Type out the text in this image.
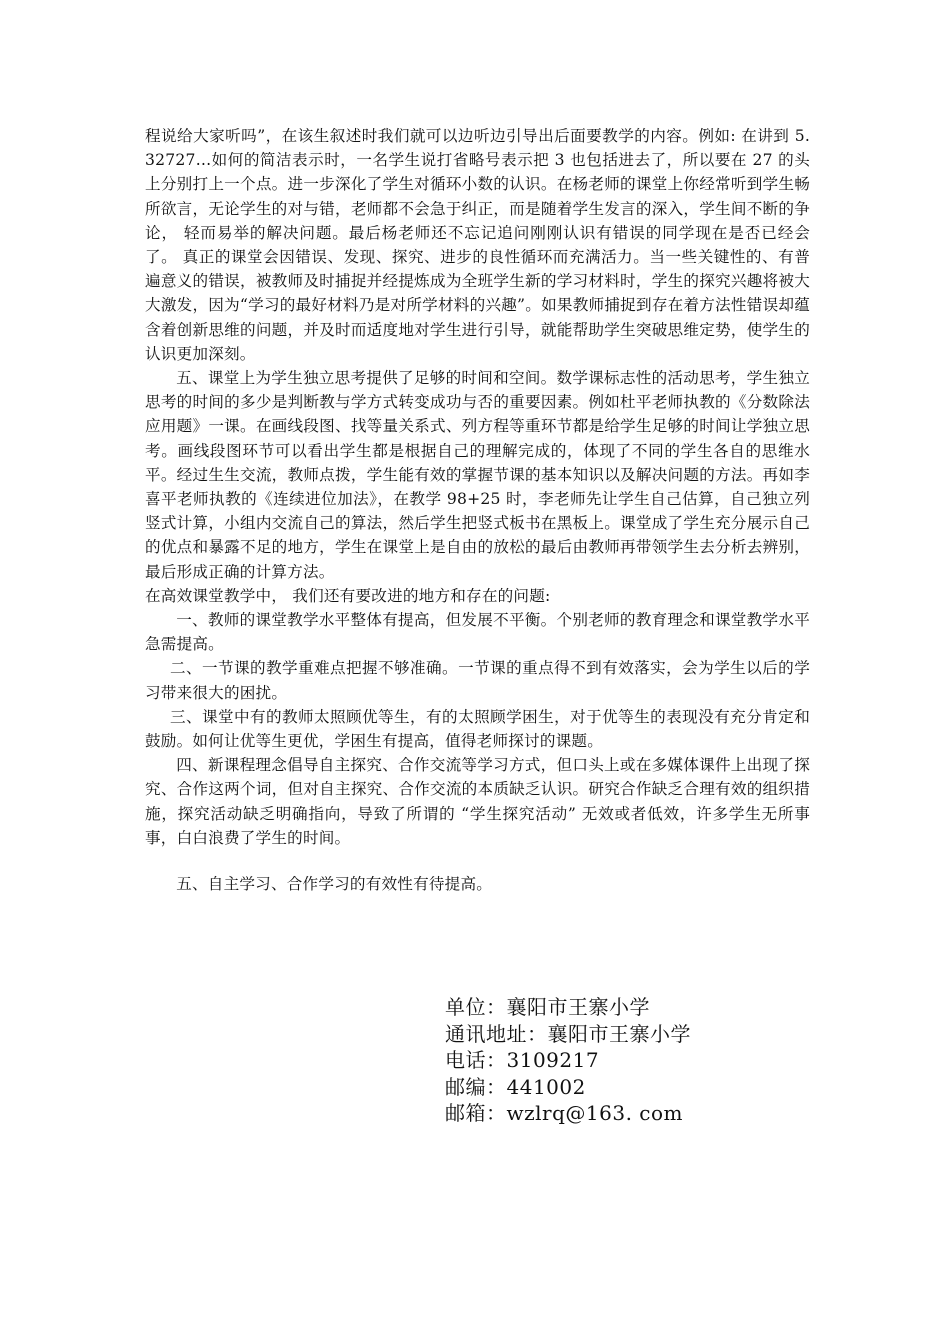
程说给大家听吗”，在该生叙述时我们就可以边听边引导出后面要教学的内容。例如: 在讲到 5. 32727…如何的简洁表示时，一名学生说打省略号表示把 3 也包括进去了，所以要在 27 的头上分别打上一个点。进一步深化了学生对循环小数的认识。在杨老师的课堂上你经常听到学生畅所欲言，无论学生的对与错，老师都不会急于纠正，而是随着学生发言的深入，学生间不断的争论， 轻而易举的解决问题。最后杨老师还不忘记追问刚刚认识有错误的同学现在是否已经会了。 真正的课堂会因错误、发现、探究、进步的良性循环而充满活力。当一些关键性的、有普遍意义的错误，被教师及时捕捉并经提炼成为全班学生新的学习材料时，学生的探究兴趣将被大大激发，因为“学习的最好材料乃是对所学材料的兴趣”。如果教师捕捉到存在着方法性错误却蕴含着创新思维的问题，并及时而适度地对学生进行引导，就能帮助学生突破思维定势，使学生的认识更加深刻。

五、课堂上为学生独立思考提供了足够的时间和空间。数学课标志性的活动思考，学生独立思考的时间的多少是判断教与学方式转变成功与否的重要因素。例如杜平老师执教的《分数除法应用题》一课。在画线段图、找等量关系式、列方程等重环节都是给学生足够的时间让学独立思考。画线段图环节可以看出学生都是根据自己的理解完成的，体现了不同的学生各自的思维水平。经过生生交流，教师点拨，学生能有效的掌握节课的基本知识以及解决问题的方法。再如李喜平老师执教的《连续进位加法》，在教学 98+25 时，李老师先让学生自己估算，自己独立列竖式计算，小组内交流自己的算法，然后学生把竖式板书在黑板上。课堂成了学生充分展示自己的优点和暴露不足的地方，学生在课堂上是自由的放松的最后由教师再带领学生去分析去辨别，最后形成正确的计算方法。

在高效课堂教学中， 我们还有要改进的地方和存在的问题:

一、教师的课堂教学水平整体有提高，但发展不平衡。个别老师的教育理念和课堂教学水平急需提高。

二、一节课的教学重难点把握不够准确。一节课的重点得不到有效落实，会为学生以后的学习带来很大的困扰。

三、课堂中有的教师太照顾优等生，有的太照顾学困生，对于优等生的表现没有充分肯定和鼓励。如何让优等生更优，学困生有提高，值得老师探讨的课题。

四、新课程理念倡导自主探究、合作交流等学习方式，但口头上或在多媒体课件上出现了探究、合作这两个词，但对自主探究、合作交流的本质缺乏认识。研究合作缺乏合理有效的组织措施，探究活动缺乏明确指向，导致了所谓的 “学生探究活动” 无效或者低效，许多学生无所事事，白白浪费了学生的时间。

五、自主学习、合作学习的有效性有待提高。

单位：襄阳市王寨小学
通讯地址：襄阳市王寨小学
电话：3109217
邮编：441002
邮箱：wzlrq@163. com
